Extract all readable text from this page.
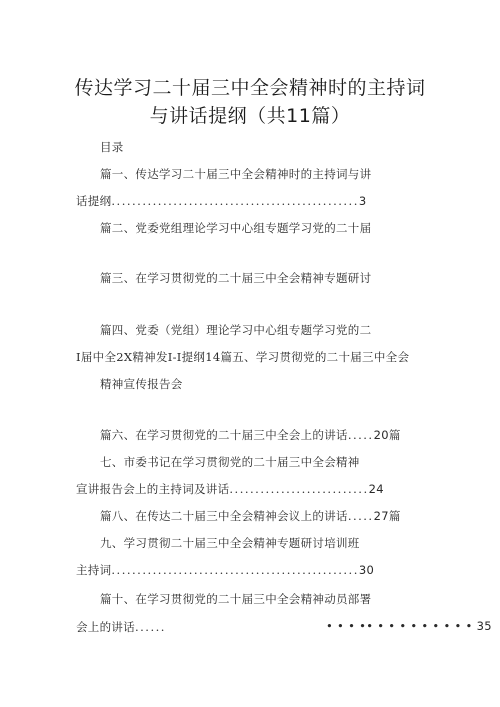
传达学习二十届三中全会精神时的主持词
与讲话提纲（共11篇）
目录
篇一、传达学习二十届三中全会精神时的主持词与讲
话提纲................................................3
篇二、党委党组理论学习中心组专题学习党的二十届
篇三、在学习贯彻党的二十届三中全会精神专题研讨
篇四、党委（党组）理论学习中心组专题学习党的二
I届中全2X精神发I-I提纲14篇五、学习贯彻党的二十届三中全会
精神宣传报告会
篇六、在学习贯彻党的二十届三中全会上的讲话.....20篇
七、市委书记在学习贯彻党的二十届三中全会精神
宣讲报告会上的主持词及讲话...........................24
篇八、在传达二十届三中全会精神会议上的讲话.....27篇
九、学习贯彻二十届三中全会精神专题研讨培训班
主持词................................................30
篇十、在学习贯彻党的二十届三中全会精神动员部署
会上的讲话......	• • • •• • • • • • • • • • 35
